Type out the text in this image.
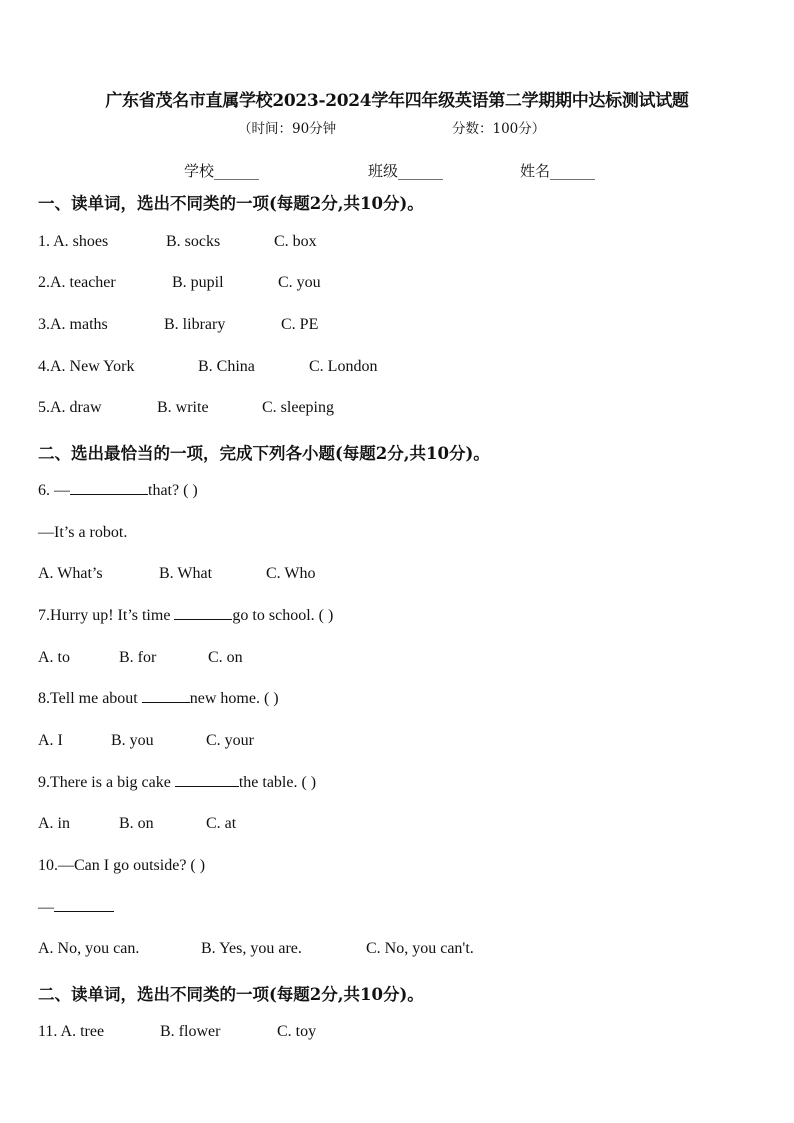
广东省茂名市直属学校2023-2024学年四年级英语第二学期期中达标测试试题
（时间：90分钟	分数：100分）
学校______	班级______	姓名______
一、读单词，选出不同类的一项(每题2分,共10分)。
1. A. shoes	B. socks	C. box
2.A. teacher	B. pupil	C. you
3.A. maths	B. library	C. PE
4.A. New York	B. China	C. London
5.A. draw	B. write	C. sleeping
二、选出最恰当的一项，完成下列各小题(每题2分,共10分)。
6. —	that? ( )
—It’s a robot.
A. What’s	B. What	C. Who
7.Hurry up! It’s time	go to school. ( )
A. to	B. for	C. on
8.Tell me about	new home. ( )
A. I	B. you	C. your
9.There is a big cake	the table. ( )
A. in	B. on	C. at
10.—Can I go outside? ( )
—
A. No, you can.	B. Yes, you are.	C. No, you can't.
二、读单词，选出不同类的一项(每题2分,共10分)。
11. A. tree	B. flower	C. toy
